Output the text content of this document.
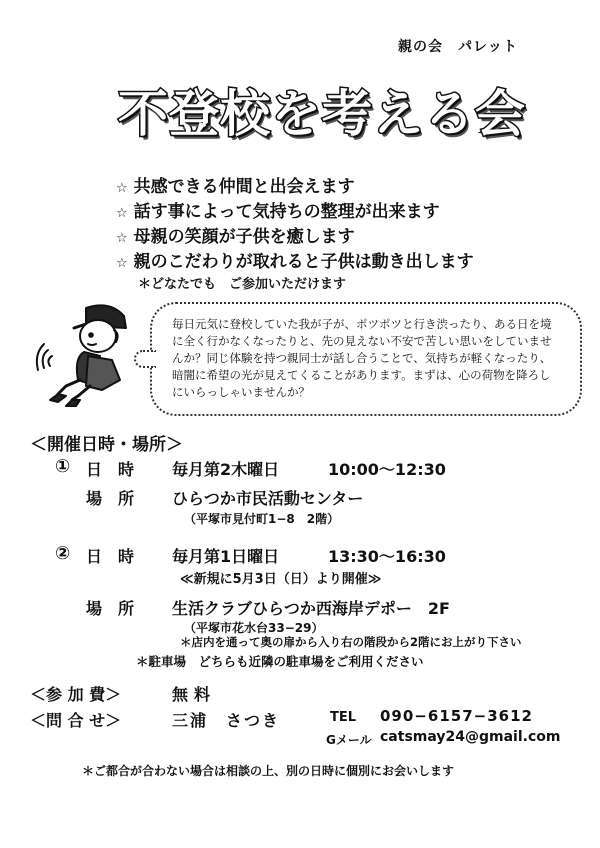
親の会　パレット
不登校を考える会
☆ 共感できる仲間と出会えます
☆ 話す事によって気持ちの整理が出来ます
☆ 母親の笑顔が子供を癒します
☆ 親のこだわりが取れると子供は動き出します
＊どなたでも　ご参加いただけます
毎日元気に登校していた我が子が、ポツポツと行き渋ったり、ある日を境に全く行かなくなったりと、先の見えない不安で苦しい思いをしていませんか？同じ体験を持つ親同士が話し合うことで、気持ちが軽くなったり、暗闇に希望の光が見えてくることがあります。まずは、心の荷物を降ろしにいらっしゃいませんか？
＜開催日時・場所＞
① 日　時 毎月第2木曜日	10:00〜12:30
場　所 ひらつか市民活動センター
（平塚市見付町1−8　2階）
② 日　時 毎月第1日曜日	13:30〜16:30
≪新規に5月3日（日）より開催≫
場　所 生活クラブひらつか西海岸デポー　2F
（平塚市花水台33−29）
＊店内を通って奥の扉から入り右の階段から2階にお上がり下さい
＊駐車場　どちらも近隣の駐車場をご利用ください
＜参 加 費＞	無料
＜問 合 せ＞	三浦　さつき	TEL 090−6157−3612
Gメール catsmay24@gmail.com
＊ご都合が合わない場合は相談の上、別の日時に個別にお会いします
